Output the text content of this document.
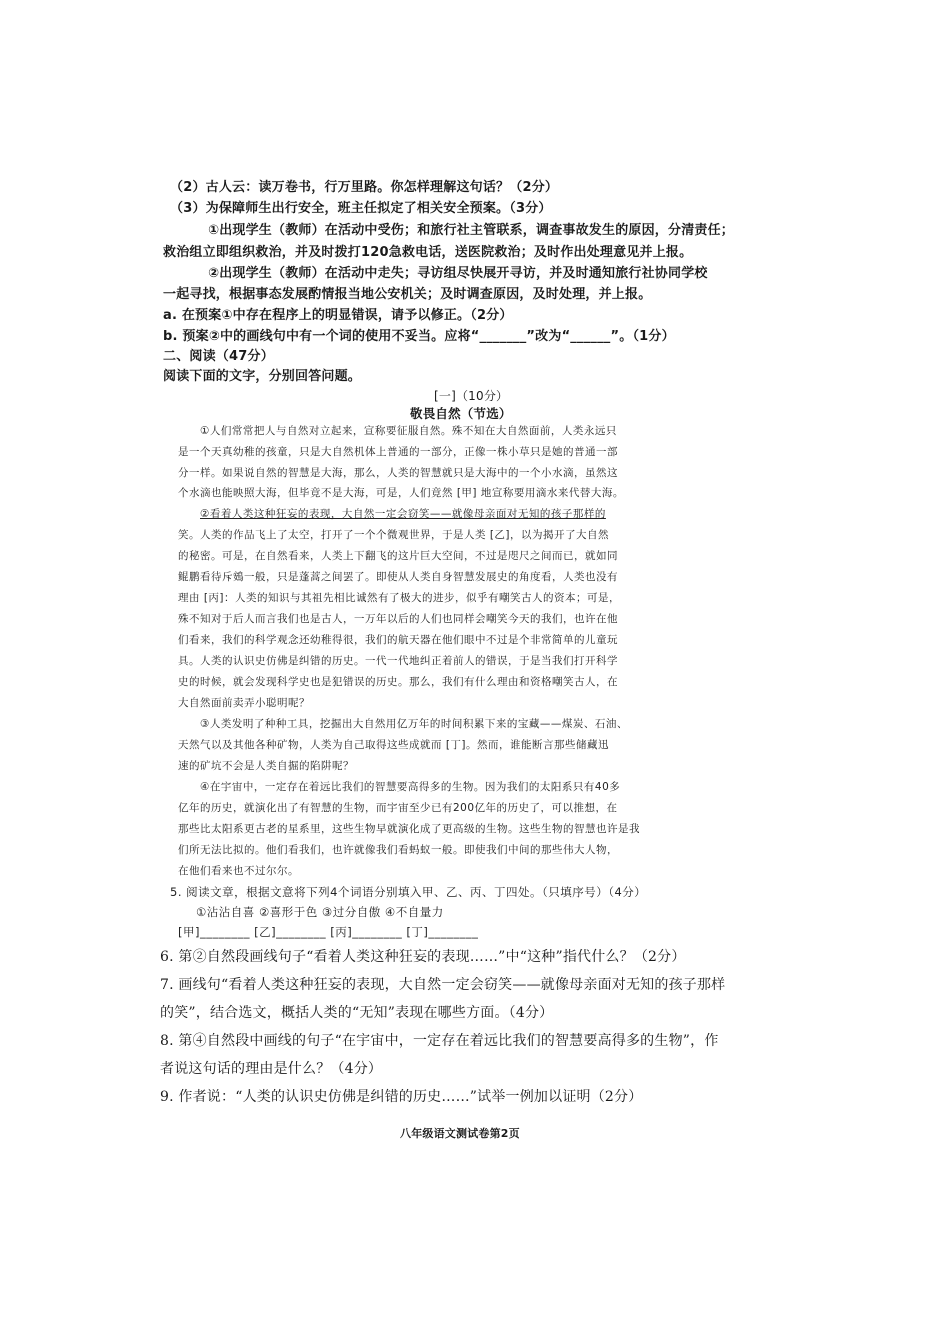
（2）古人云：读万卷书，行万里路。你怎样理解这句话？（2分）
（3）为保障师生出行安全，班主任拟定了相关安全预案。（3分）
①出现学生（教师）在活动中受伤；和旅行社主管联系，调查事故发生的原因，分清责任；
救治组立即组织救治，并及时拨打120急救电话，送医院救治；及时作出处理意见并上报。
②出现学生（教师）在活动中走失；寻访组尽快展开寻访，并及时通知旅行社协同学校
一起寻找，根据事态发展酌情报当地公安机关；及时调查原因，及时处理，并上报。
a. 在预案①中存在程序上的明显错误，请予以修正。（2分）
b. 预案②中的画线句中有一个词的使用不妥当。应将“_______”改为“______”。（1分）
二、阅读（47分）
阅读下面的文字，分别回答问题。
[一]（10分）
敬畏自然（节选）
①人们常常把人与自然对立起来，宣称要征服自然。殊不知在大自然面前，人类永远只
是一个天真幼稚的孩童，只是大自然机体上普通的一部分，正像一株小草只是她的普通一部
分一样。如果说自然的智慧是大海，那么，人类的智慧就只是大海中的一个小水滴，虽然这
个水滴也能映照大海，但毕竟不是大海，可是，人们竟然 [甲] 地宣称要用滴水来代替大海。
②看着人类这种狂妄的表现，大自然一定会窃笑——就像母亲面对无知的孩子那样的
笑。人类的作品飞上了太空，打开了一个个微观世界，于是人类 [乙]，以为揭开了大自然
的秘密。可是，在自然看来，人类上下翻飞的这片巨大空间，不过是咫尺之间而已，就如同
鲲鹏看待斥鴳一般，只是蓬蒿之间罢了。即使从人类自身智慧发展史的角度看，人类也没有
理由 [丙]：人类的知识与其祖先相比诚然有了极大的进步，似乎有嘲笑古人的资本；可是，
殊不知对于后人而言我们也是古人，一万年以后的人们也同样会嘲笑今天的我们，也许在他
们看来，我们的科学观念还幼稚得很，我们的航天器在他们眼中不过是个非常简单的儿童玩
具。人类的认识史仿佛是纠错的历史。一代一代地纠正着前人的错误，于是当我们打开科学
史的时候，就会发现科学史也是犯错误的历史。那么，我们有什么理由和资格嘲笑古人，在
大自然面前卖弄小聪明呢？
③人类发明了种种工具，挖掘出大自然用亿万年的时间积累下来的宝藏——煤炭、石油、
天然气以及其他各种矿物，人类为自己取得这些成就而 [丁]。然而，谁能断言那些储藏迅
速的矿坑不会是人类自掘的陷阱呢？
④在宇宙中，一定存在着远比我们的智慧要高得多的生物。因为我们的太阳系只有40多
亿年的历史，就演化出了有智慧的生物，而宇宙至少已有200亿年的历史了，可以推想，在
那些比太阳系更古老的星系里，这些生物早就演化成了更高级的生物。这些生物的智慧也许是我
们所无法比拟的。他们看我们，也许就像我们看蚂蚁一般。即使我们中间的那些伟大人物，
在他们看来也不过尔尔。
5. 阅读文章，根据文意将下列4个词语分别填入甲、乙、丙、丁四处。（只填序号）（4分）
①沾沾自喜 ②喜形于色 ③过分自傲 ④不自量力
[甲]________ [乙]________ [丙]________ [丁]________
6. 第②自然段画线句子“看着人类这种狂妄的表现……”中“这种”指代什么？（2分）
7. 画线句“看着人类这种狂妄的表现，大自然一定会窃笑——就像母亲面对无知的孩子那样
的笑”，结合选文，概括人类的“无知”表现在哪些方面。（4分）
8. 第④自然段中画线的句子“在宇宙中，一定存在着远比我们的智慧要高得多的生物”，作
者说这句话的理由是什么？（4分）
9. 作者说：“人类的认识史仿佛是纠错的历史……”试举一例加以证明（2分）
八年级语文测试卷第2页
